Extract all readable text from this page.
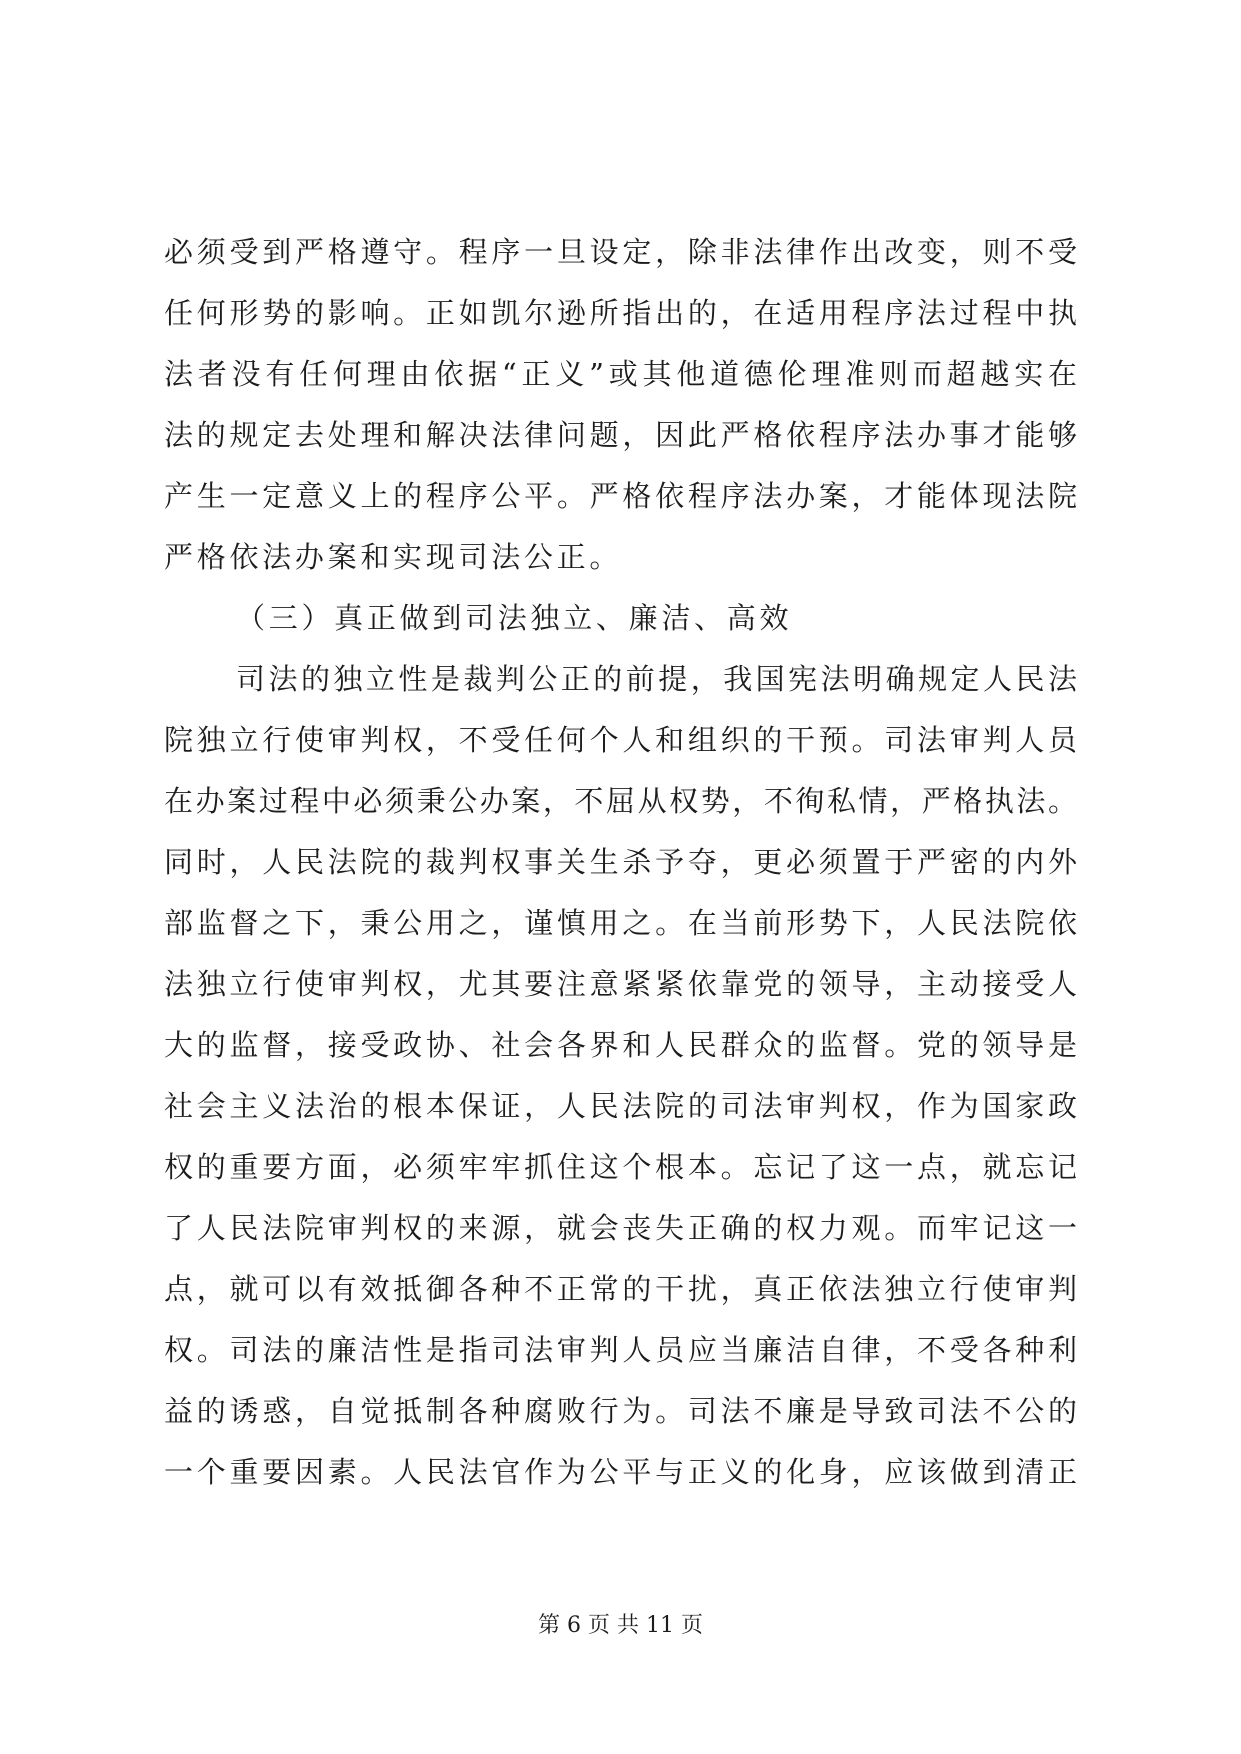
必须受到严格遵守。程序一旦设定，除非法律作出改变，则不受
任何形势的影响。正如凯尔逊所指出的，在适用程序法过程中执
法者没有任何理由依据“正义”或其他道德伦理准则而超越实在
法的规定去处理和解决法律问题，因此严格依程序法办事才能够
产生一定意义上的程序公平。严格依程序法办案，才能体现法院
严格依法办案和实现司法公正。
（三）真正做到司法独立、廉洁、高效
司法的独立性是裁判公正的前提，我国宪法明确规定人民法
院独立行使审判权，不受任何个人和组织的干预。司法审判人员
在办案过程中必须秉公办案，不屈从权势，不徇私情，严格执法。
同时，人民法院的裁判权事关生杀予夺，更必须置于严密的内外
部监督之下，秉公用之，谨慎用之。在当前形势下，人民法院依
法独立行使审判权，尤其要注意紧紧依靠党的领导，主动接受人
大的监督，接受政协、社会各界和人民群众的监督。党的领导是
社会主义法治的根本保证，人民法院的司法审判权，作为国家政
权的重要方面，必须牢牢抓住这个根本。忘记了这一点，就忘记
了人民法院审判权的来源，就会丧失正确的权力观。而牢记这一
点，就可以有效抵御各种不正常的干扰，真正依法独立行使审判
权。司法的廉洁性是指司法审判人员应当廉洁自律，不受各种利
益的诱惑，自觉抵制各种腐败行为。司法不廉是导致司法不公的
一个重要因素。人民法官作为公平与正义的化身，应该做到清正
第 6 页 共 11 页
